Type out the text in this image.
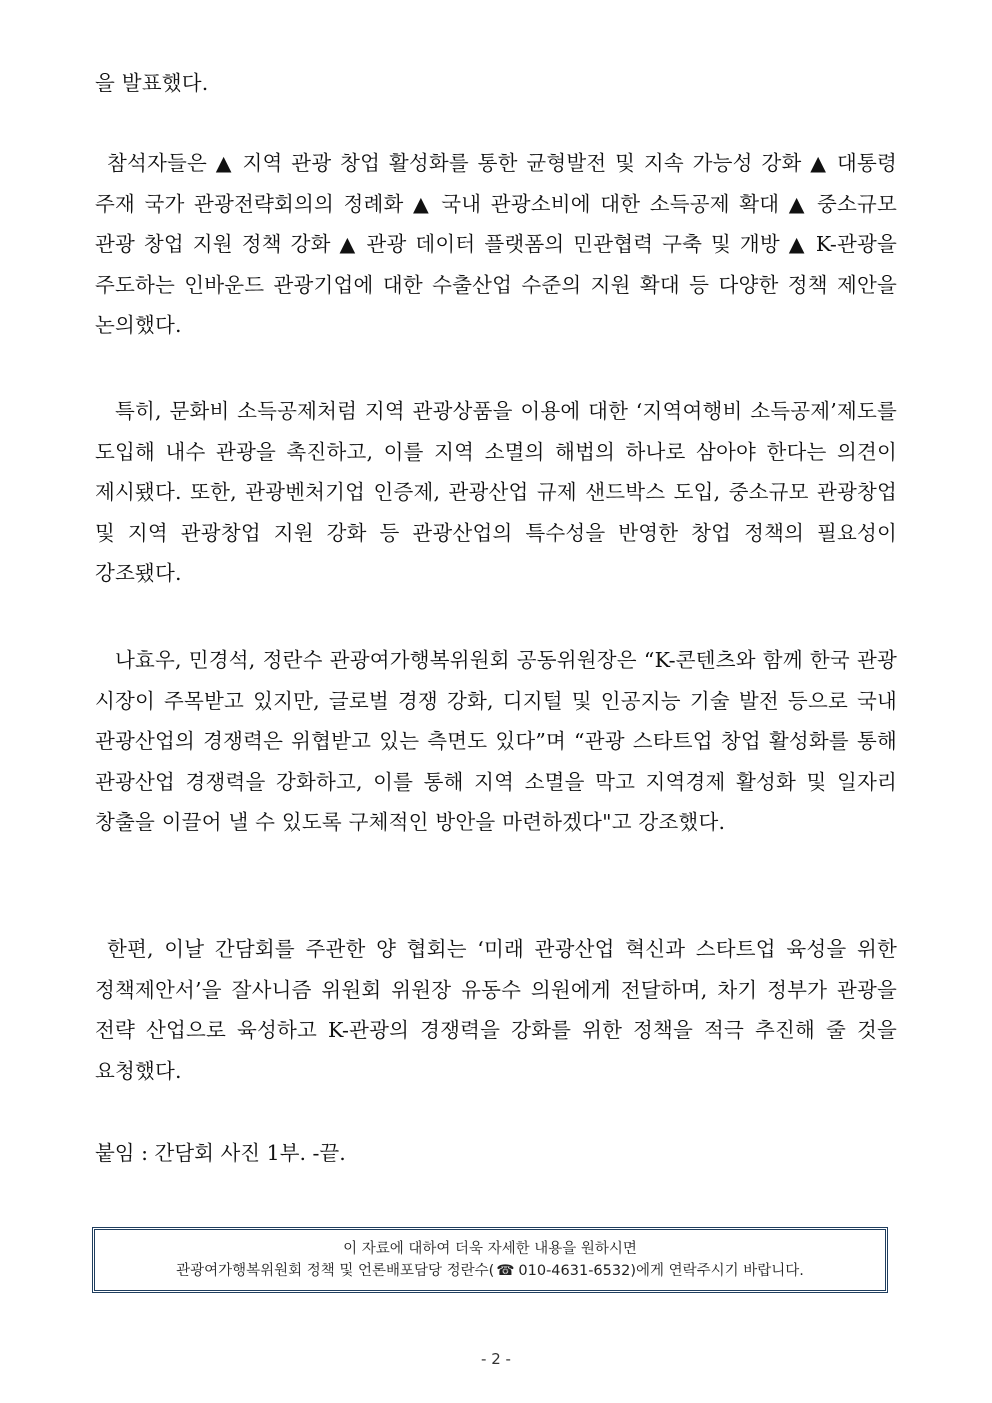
을 발표했다.

참석자들은 ▲ 지역 관광 창업 활성화를 통한 균형발전 및 지속 가능성 강화 ▲ 대통령 주재 국가 관광전략회의의 정례화 ▲ 국내 관광소비에 대한 소득공제 확대 ▲ 중소규모 관광 창업 지원 정책 강화 ▲ 관광 데이터 플랫폼의 민관협력 구축 및 개방 ▲ K-관광을 주도하는 인바운드 관광기업에 대한 수출산업 수준의 지원 확대 등 다양한 정책 제안을 논의했다.

특히, 문화비 소득공제처럼 지역 관광상품을 이용에 대한 ‘지역여행비 소득공제’제도를 도입해 내수 관광을 촉진하고, 이를 지역 소멸의 해법의 하나로 삼아야 한다는 의견이 제시됐다. 또한, 관광벤처기업 인증제, 관광산업 규제 샌드박스 도입, 중소규모 관광창업 및 지역 관광창업 지원 강화 등 관광산업의 특수성을 반영한 창업 정책의 필요성이 강조됐다.

나효우, 민경석, 정란수 관광여가행복위원회 공동위원장은 “K-콘텐츠와 함께 한국 관광 시장이 주목받고 있지만, 글로벌 경쟁 강화, 디지털 및 인공지능 기술 발전 등으로 국내 관광산업의 경쟁력은 위협받고 있는 측면도 있다”며 “관광 스타트업 창업 활성화를 통해 관광산업 경쟁력을 강화하고, 이를 통해 지역 소멸을 막고 지역경제 활성화 및 일자리 창출을 이끌어 낼 수 있도록 구체적인 방안을 마련하겠다"고 강조했다.

한편, 이날 간담회를 주관한 양 협회는 ‘미래 관광산업 혁신과 스타트업 육성을 위한 정책제안서’을 잘사니즘 위원회 위원장 유동수 의원에게 전달하며, 차기 정부가 관광을 전략 산업으로 육성하고 K-관광의 경쟁력을 강화를 위한 정책을 적극 추진해 줄 것을 요청했다.

붙임 : 간담회 사진 1부. -끝.

이 자료에 대하여 더욱 자세한 내용을 원하시면
관광여가행복위원회 정책 및 언론배포담당 정란수( ☎ 010-4631-6532)에게 연락주시기 바랍니다.
- 2 -
